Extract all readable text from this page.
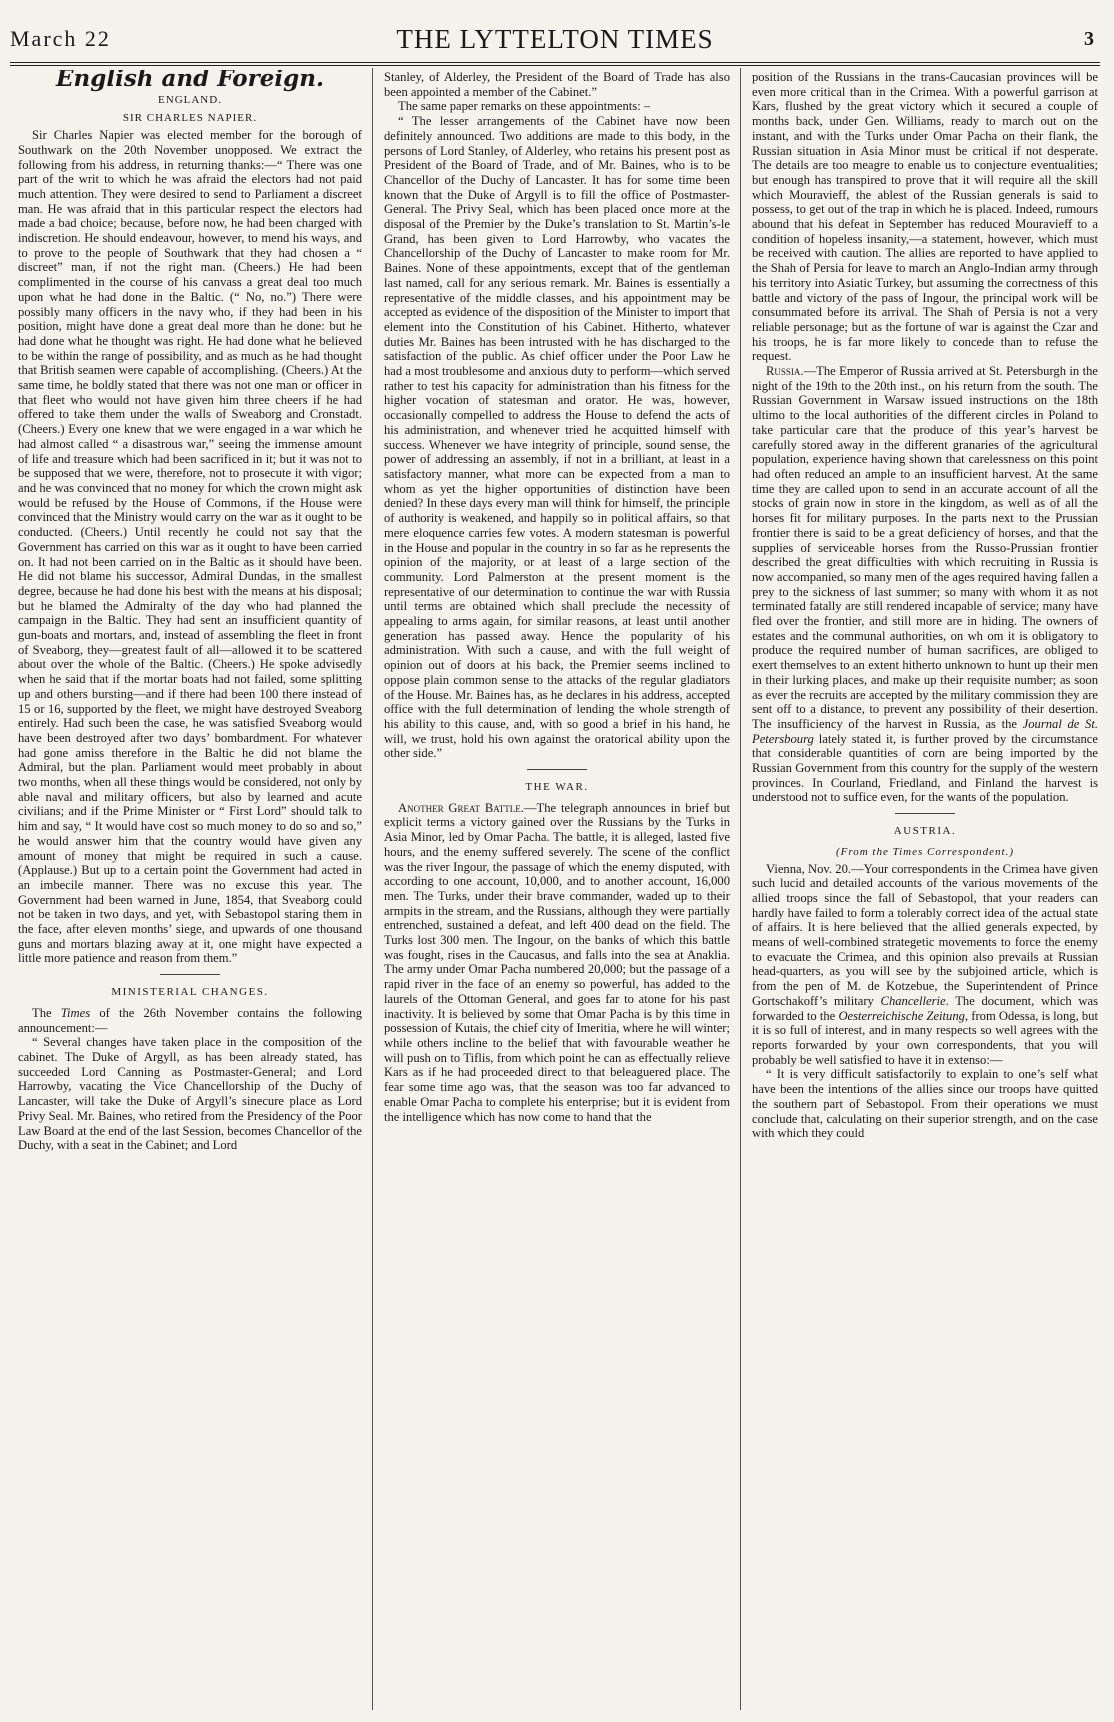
March 22	THE LYTTELTON TIMES	3
English and Foreign.
ENGLAND.
SIR CHARLES NAPIER.

Sir Charles Napier was elected member for the borough of Southwark on the 20th November unopposed. We extract the following from his address, in returning thanks:—“ There was one part of the writ to which he was afraid the electors had not paid much attention. They were desired to send to Parliament a discreet man. He was afraid that in this particular respect the electors had made a bad choice; because, before now, he had been charged with indiscretion. He should endeavour, however, to mend his ways, and to prove to the people of Southwark that they had chosen a “ discreet” man, if not the right man. (Cheers.) He had been complimented in the course of his canvass a great deal too much upon what he had done in the Baltic. (“ No, no.”) There were possibly many officers in the navy who, if they had been in his position, might have done a great deal more than he done: but he had done what he thought was right. He had done what he believed to be within the range of possibility, and as much as he had thought that British seamen were capable of accomplishing. (Cheers.) At the same time, he boldly stated that there was not one man or officer in that fleet who would not have given him three cheers if he had offered to take them under the walls of Sweaborg and Cronstadt. (Cheers.) Every one knew that we were engaged in a war which he had almost called “ a disastrous war,” seeing the immense amount of life and treasure which had been sacrificed in it; but it was not to be supposed that we were, therefore, not to prosecute it with vigor; and he was convinced that no money for which the crown might ask would be refused by the House of Commons, if the House were convinced that the Ministry would carry on the war as it ought to be conducted. (Cheers.) Until recently he could not say that the Government has carried on this war as it ought to have been carried on. It had not been carried on in the Baltic as it should have been. He did not blame his successor, Admiral Dundas, in the smallest degree, because he had done his best with the means at his disposal; but he blamed the Admiralty of the day who had planned the campaign in the Baltic. They had sent an insufficient quantity of gun-boats and mortars, and, instead of assembling the fleet in front of Sveaborg, they—greatest fault of all—allowed it to be scattered about over the whole of the Baltic. (Cheers.) He spoke advisedly when he said that if the mortar boats had not failed, some splitting up and others bursting—and if there had been 100 there instead of 15 or 16, supported by the fleet, we might have destroyed Sveaborg entirely. Had such been the case, he was satisfied Sveaborg would have been destroyed after two days’ bombardment. For whatever had gone amiss therefore in the Baltic he did not blame the Admiral, but the plan. Parliament would meet probably in about two months, when all these things would be considered, not only by able naval and military officers, but also by learned and acute civilians; and if the Prime Minister or “ First Lord” should talk to him and say, “ It would have cost so much money to do so and so,” he would answer him that the country would have given any amount of money that might be required in such a cause. (Applause.) But up to a certain point the Government had acted in an imbecile manner. There was no excuse this year. The Government had been warned in June, 1854, that Sveaborg could not be taken in two days, and yet, with Sebastopol staring them in the face, after eleven months’ siege, and upwards of one thousand guns and mortars blazing away at it, one might have expected a little more patience and reason from them.”

MINISTERIAL CHANGES.

The Times of the 26th November contains the following announcement:—

“ Several changes have taken place in the composition of the cabinet. The Duke of Argyll, as has been already stated, has succeeded Lord Canning as Postmaster-General; and Lord Harrowby, vacating the Vice Chancellorship of the Duchy of Lancaster, will take the Duke of Argyll’s sinecure place as Lord Privy Seal. Mr. Baines, who retired from the Presidency of the Poor Law Board at the end of the last Session, becomes Chancellor of the Duchy, with a seat in the Cabinet; and Lord

Stanley, of Alderley, the President of the Board of Trade has also been appointed a member of the Cabinet.”

The same paper remarks on these appointments: –

“ The lesser arrangements of the Cabinet have now been definitely announced. Two additions are made to this body, in the persons of Lord Stanley, of Alderley, who retains his present post as President of the Board of Trade, and of Mr. Baines, who is to be Chancellor of the Duchy of Lancaster. It has for some time been known that the Duke of Argyll is to fill the office of Postmaster-General. The Privy Seal, which has been placed once more at the disposal of the Premier by the Duke’s translation to St. Martin’s-le Grand, has been given to Lord Harrowby, who vacates the Chancellorship of the Duchy of Lancaster to make room for Mr. Baines. None of these appointments, except that of the gentleman last named, call for any serious remark. Mr. Baines is essentially a representative of the middle classes, and his appointment may be accepted as evidence of the disposition of the Minister to import that element into the Constitution of his Cabinet. Hitherto, whatever duties Mr. Baines has been intrusted with he has discharged to the satisfaction of the public. As chief officer under the Poor Law he had a most troublesome and anxious duty to perform—which served rather to test his capacity for administration than his fitness for the higher vocation of statesman and orator. He was, however, occasionally compelled to address the House to defend the acts of his administration, and whenever tried he acquitted himself with success. Whenever we have integrity of principle, sound sense, the power of addressing an assembly, if not in a brilliant, at least in a satisfactory manner, what more can be expected from a man to whom as yet the higher opportunities of distinction have been denied? In these days every man will think for himself, the principle of authority is weakened, and happily so in political affairs, so that mere eloquence carries few votes. A modern statesman is powerful in the House and popular in the country in so far as he represents the opinion of the majority, or at least of a large section of the community. Lord Palmerston at the present moment is the representative of our determination to continue the war with Russia until terms are obtained which shall preclude the necessity of appealing to arms again, for similar reasons, at least until another generation has passed away. Hence the popularity of his administration. With such a cause, and with the full weight of opinion out of doors at his back, the Premier seems inclined to oppose plain common sense to the attacks of the regular gladiators of the House. Mr. Baines has, as he declares in his address, accepted office with the full determination of lending the whole strength of his ability to this cause, and, with so good a brief in his hand, he will, we trust, hold his own against the oratorical ability upon the other side.”

THE WAR.

Another Great Battle.—The telegraph announces in brief but explicit terms a victory gained over the Russians by the Turks in Asia Minor, led by Omar Pacha. The battle, it is alleged, lasted five hours, and the enemy suffered severely. The scene of the conflict was the river Ingour, the passage of which the enemy disputed, with according to one account, 10,000, and to another account, 16,000 men. The Turks, under their brave commander, waded up to their armpits in the stream, and the Russians, although they were partially entrenched, sustained a defeat, and left 400 dead on the field. The Turks lost 300 men. The Ingour, on the banks of which this battle was fought, rises in the Caucasus, and falls into the sea at Anaklia. The army under Omar Pacha numbered 20,000; but the passage of a rapid river in the face of an enemy so powerful, has added to the laurels of the Ottoman General, and goes far to atone for his past inactivity. It is believed by some that Omar Pacha is by this time in possession of Kutais, the chief city of Imeritia, where he will winter; while others incline to the belief that with favourable weather he will push on to Tiflis, from which point he can as effectually relieve Kars as if he had proceeded direct to that beleaguered place. The fear some time ago was, that the season was too far advanced to enable Omar Pacha to complete his enterprise; but it is evident from the intelligence which has now come to hand that the

position of the Russians in the trans-Caucasian provinces will be even more critical than in the Crimea. With a powerful garrison at Kars, flushed by the great victory which it secured a couple of months back, under Gen. Williams, ready to march out on the instant, and with the Turks under Omar Pacha on their flank, the Russian situation in Asia Minor must be critical if not desperate. The details are too meagre to enable us to conjecture eventualities; but enough has transpired to prove that it will require all the skill which Mouravieff, the ablest of the Russian generals is said to possess, to get out of the trap in which he is placed. Indeed, rumours abound that his defeat in September has reduced Mouravieff to a condition of hopeless insanity,—a statement, however, which must be received with caution. The allies are reported to have applied to the Shah of Persia for leave to march an Anglo-Indian army through his territory into Asiatic Turkey, but assuming the correctness of this battle and victory of the pass of Ingour, the principal work will be consummated before its arrival. The Shah of Persia is not a very reliable personage; but as the fortune of war is against the Czar and his troops, he is far more likely to concede than to refuse the request.

Russia.—The Emperor of Russia arrived at St. Petersburgh in the night of the 19th to the 20th inst., on his return from the south. The Russian Government in Warsaw issued instructions on the 18th ultimo to the local authorities of the different circles in Poland to take particular care that the produce of this year’s harvest be carefully stored away in the different granaries of the agricultural population, experience having shown that carelessness on this point had often reduced an ample to an insufficient harvest. At the same time they are called upon to send in an accurate account of all the stocks of grain now in store in the kingdom, as well as of all the horses fit for military purposes. In the parts next to the Prussian frontier there is said to be a great deficiency of horses, and that the supplies of serviceable horses from the Russo-Prussian frontier described the great difficulties with which recruiting in Russia is now accompanied, so many men of the ages required having fallen a prey to the sickness of last summer; so many with whom it as not terminated fatally are still rendered incapable of service; many have fled over the frontier, and still more are in hiding. The owners of estates and the communal authorities, on wh om it is obligatory to produce the required number of human sacrifices, are obliged to exert themselves to an extent hitherto unknown to hunt up their men in their lurking places, and make up their requisite number; as soon as ever the recruits are accepted by the military commission they are sent off to a distance, to prevent any possibility of their desertion. The insufficiency of the harvest in Russia, as the Journal de St. Petersbourg lately stated it, is further proved by the circumstance that considerable quantities of corn are being imported by the Russian Government from this country for the supply of the western provinces. In Courland, Friedland, and Finland the harvest is understood not to suffice even, for the wants of the population.

AUSTRIA.
(From the Times Correspondent.)

Vienna, Nov. 20.—Your correspondents in the Crimea have given such lucid and detailed accounts of the various movements of the allied troops since the fall of Sebastopol, that your readers can hardly have failed to form a tolerably correct idea of the actual state of affairs. It is here believed that the allied generals expected, by means of well-combined strategetic movements to force the enemy to evacuate the Crimea, and this opinion also prevails at Russian head-quarters, as you will see by the subjoined article, which is from the pen of M. de Kotzebue, the Superintendent of Prince Gortschakoff’s military Chancellerie. The document, which was forwarded to the Oesterreichische Zeitung, from Odessa, is long, but it is so full of interest, and in many respects so well agrees with the reports forwarded by your own correspondents, that you will probably be well satisfied to have it in extenso:—

“ It is very difficult satisfactorily to explain to one’s self what have been the intentions of the allies since our troops have quitted the southern part of Sebastopol. From their operations we must conclude that, calculating on their superior strength, and on the case with which they could
